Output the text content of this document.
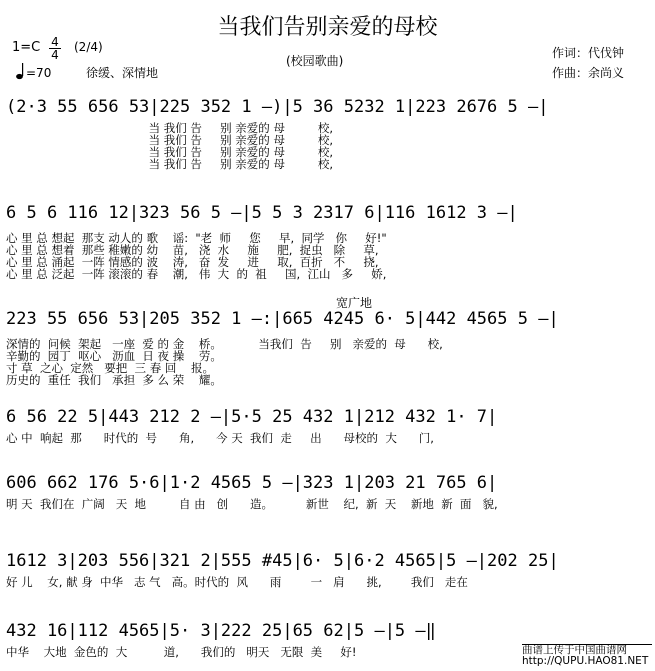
当我们告别亲爱的母校
1=C 4
4
(2/4)
=70	徐缓、深情地
(校园歌曲)
作词：代伐钟
作曲：余尚义
(2·3 55 656 53|225 352 1 –)|5 36 5232 1|223 2676 5 –|
当 我们 告     别 亲爱的 母         校,
当 我们 告     别 亲爱的 母         校,
当 我们 告     别 亲爱的 母         校,
当 我们 告     别 亲爱的 母         校,
6 5 6 116 12|323 56 5 –|5 5 3 2317 6|116 1612 3 –|
心 里 总 想起  那支 动人的 歌    谣:  "老  师     您     早,  同学   你     好!"
心 里 总 想着  那些 稚嫩的 幼    苗,   浇  水     施     肥,  捉虫   除     草,
心 里 总 涌起  一阵 情感的 波    涛,   奋  发     进     取,  百折   不     挠,
心 里 总 泛起  一阵 滚滚的 春    潮,   伟  大  的  祖     国,  江山   多     娇,
宽广地
223 55 656 53|205 352 1 –:|665 4245 6· 5|442 4565 5 –|
深情的  问候  架起   一座  爱 的 金    桥。          当我们  告     别   亲爱的  母      校,
辛勤的  园丁  呕心   沥血  日 夜 操    劳。
寸 草  之心  定然   要把  三 春 回    报。
历史的  重任  我们   承担  多 么 荣    耀。
6 56 22 5|443 212 2 –|5·5 25 432 1|212 432 1· 7|
心 中  响起  那      时代的  号      角,      今 天  我们  走     出      母校的  大      门,
606 662 176 5·6|1·2 4565 5 –|323 1|203 21 765 6|
明 天  我们在  广阔   天  地         自 由   创      造。         新世    纪,  新  天    新地  新  面   貌,
1612 3|203 556|321 2|555 #45|6· 5|6·2 4565|5 –|202 25|
好 儿    女, 献 身  中华   志 气   高。时代的  风      雨        一   肩      挑,        我们   走在
432 16|112 4565|5· 3|222 25|65 62|5 –|5 –‖
中华    大地  金色的  大          道,      我们的   明天   无限  美     好!	曲谱上传于中国曲谱网
http://QUPU.HAO81.NET
